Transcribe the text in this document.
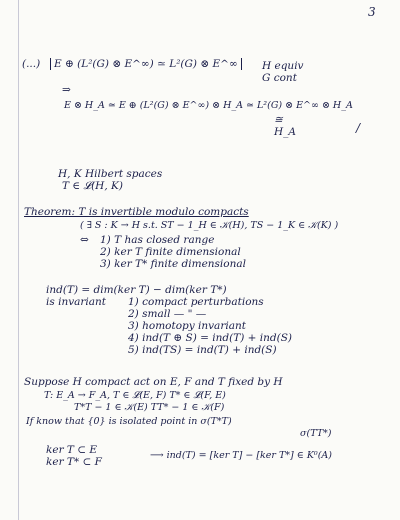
3
(...)	E ⊕ (L²(G) ⊗ E^∞) ≃ L²(G) ⊗ E^∞	H equiv
G cont
⇒
E ⊗ H_A ≃ E ⊕ (L²(G) ⊗ E^∞) ⊗ H_A ≃ L²(G) ⊗ E^∞ ⊗ H_A
≅
H_A	/
H, K Hilbert spaces
T ∈ 𝓛(H, K)
Theorem: T is invertible modulo compacts
( ∃ S : K → H s.t. ST − 1_H ∈ 𝒦(H), TS − 1_K ∈ 𝒦(K) )
⇔ 1) T has closed range
2) ker T finite dimensional
3) ker T* finite dimensional
ind(T) = dim(ker T) − dim(ker T*)
is invariant 1) compact perturbations
2) small — " —
3) homotopy invariant
4) ind(T ⊕ S) = ind(T) + ind(S)
5) ind(TS) = ind(T) + ind(S)
Suppose H compact act on E, F and T fixed by H
T: E_A → F_A, T ∈ 𝓛(E, F) T* ∈ 𝓛(F, E)
T*T − 1 ∈ 𝒦(E) TT* − 1 ∈ 𝒦(F)
If know that {0} is isolated point in σ(T*T)
σ(TT*)
ker T ⊂ E
ker T* ⊂ F
⟶ ind(T) = [ker T] − [ker T*] ∈ K⁰(A)
